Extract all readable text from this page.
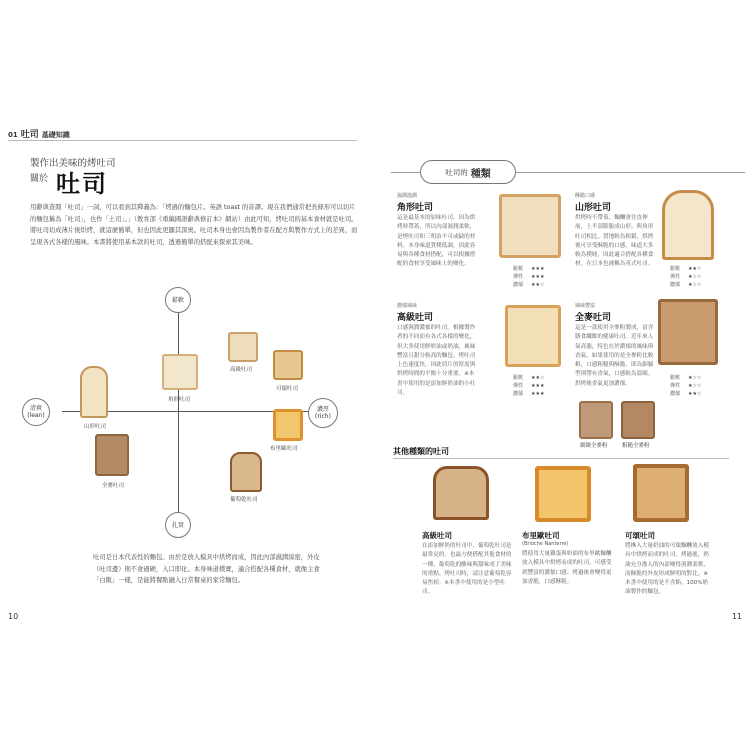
01 吐司 基礎知識
製作出美味的烤吐司
關於 吐司

用辭典查閱「吐司」一詞，可以看到其釋義為：「烤過的麵包片。英語 toast 的音譯。現在我們通常把長條形可以切片的麵包稱為「吐司」，也作「土司」。」（教育部《重編國語辭典修訂本》網站）由此可知，烤吐司的基本食材就是吐司。將吐司切成薄片後烘烤，就這麼簡單，但也因此更顯其深奧。吐司本身也會因為製作者在配方與製作方式上的差異，而呈現各式各樣的風味。本書將使用基本款的吐司，透過簡單的搭配來探索其美味。

鬆軟
扎實
清爽
(lean)
濃厚
(rich)
山形吐司
角形吐司
高級吐司
可頌吐司
布里歐吐司
全麥吐司
葡萄乾吐司

吐司是日本代表性的麵包。由於是放入模具中烘烤而成，因此內部濕潤綿密，外皮（吐司邊）則不會過硬，入口即化。本身味道樸實，適合搭配各種食材，就像主食「白飯」一樣，是能將餐點融入日常餐桌的家常麵包。

10
吐司的 種類
濕潤溫潤
角形吐司
這是最基本的原味吐司。因為烘烤時帶蓋，所以內部濕潤柔軟，是烤吐司和三明治不可或缺的材料。本身味道質樸低調，因此容易與各種食材搭配，可以根據搭配的食材享受風味上的變化。
鬆軟 ★★★
彈性 ★★★
濃郁 ★★☆
酥脆口感
山形吐司
烘烤時不帶蓋，麵糰會往直伸展，上半部膨脹成山形。與角形吐司相比，質地較為粗鬆，烘烤後可享受酥脆的口感。味道大多較為樸純，因此適合搭配各種食材。在日本也被稱為英式吐司。
鬆軟 ★★☆
彈性 ★☆☆
濃郁 ★☆☆
濃郁風味
高級吐司
口感濕潤濃郁的吐司。根據製作者的不同而有各式各樣的變化，但大多使用鮮奶油或奶油，風味豐富且甜分較高的麵包。烤吐司上色速度快，因此切片的厚度與烘烤時間的平衡十分重要。※本書中使用的是添加鮮奶油的小吐司。
鬆軟 ★★☆
彈性 ★★★
濃郁 ★★★
風味豐富
全麥吐司
這是一款使用全麥粉製成，富含膳食纖維的健康吐司。近年來人氣高漲，特色在於濃郁的風味與香氣，如果使用的是全麥粉比較粗，口感粗糙與酥脆，即為細膩型則帶有香氣，口感較為溫順。烘烤後香氣更加濃郁。
鬆軟 ★☆☆
彈性 ★☆☆
濃郁 ★★☆
細緻全麥粉	粗糙全麥粉
其他種類的吐司
高級吐司
在添加鮮奶的吐司中，葡萄乾吐司是最常見的，也最方便搭配其他食材的一種。葡萄乾的酸味與甜味成了美味的重點。烤吐司時，請注意葡萄乾容易焦掉。※本書中使用的是小型吐司。
布里歐吐司
(Brioche Nanterre)
將使用大量雞蛋與奶油的布里歐麵糰放入模具中烘烤而成的吐司，可感受到豐富的濃郁口感。烤過後會變得更加香脆，口感酥脆。
可頌吐司
將摻入大量奶油的可頌麵糰放入模具中烘烤而成的吐司。烤過後，奶油充分滲入的內部變得濕潤柔軟，而酥脆的外皮形成鮮明的對比。※本書中使用的是不含餡，100%奶油製作的麵包。
11
